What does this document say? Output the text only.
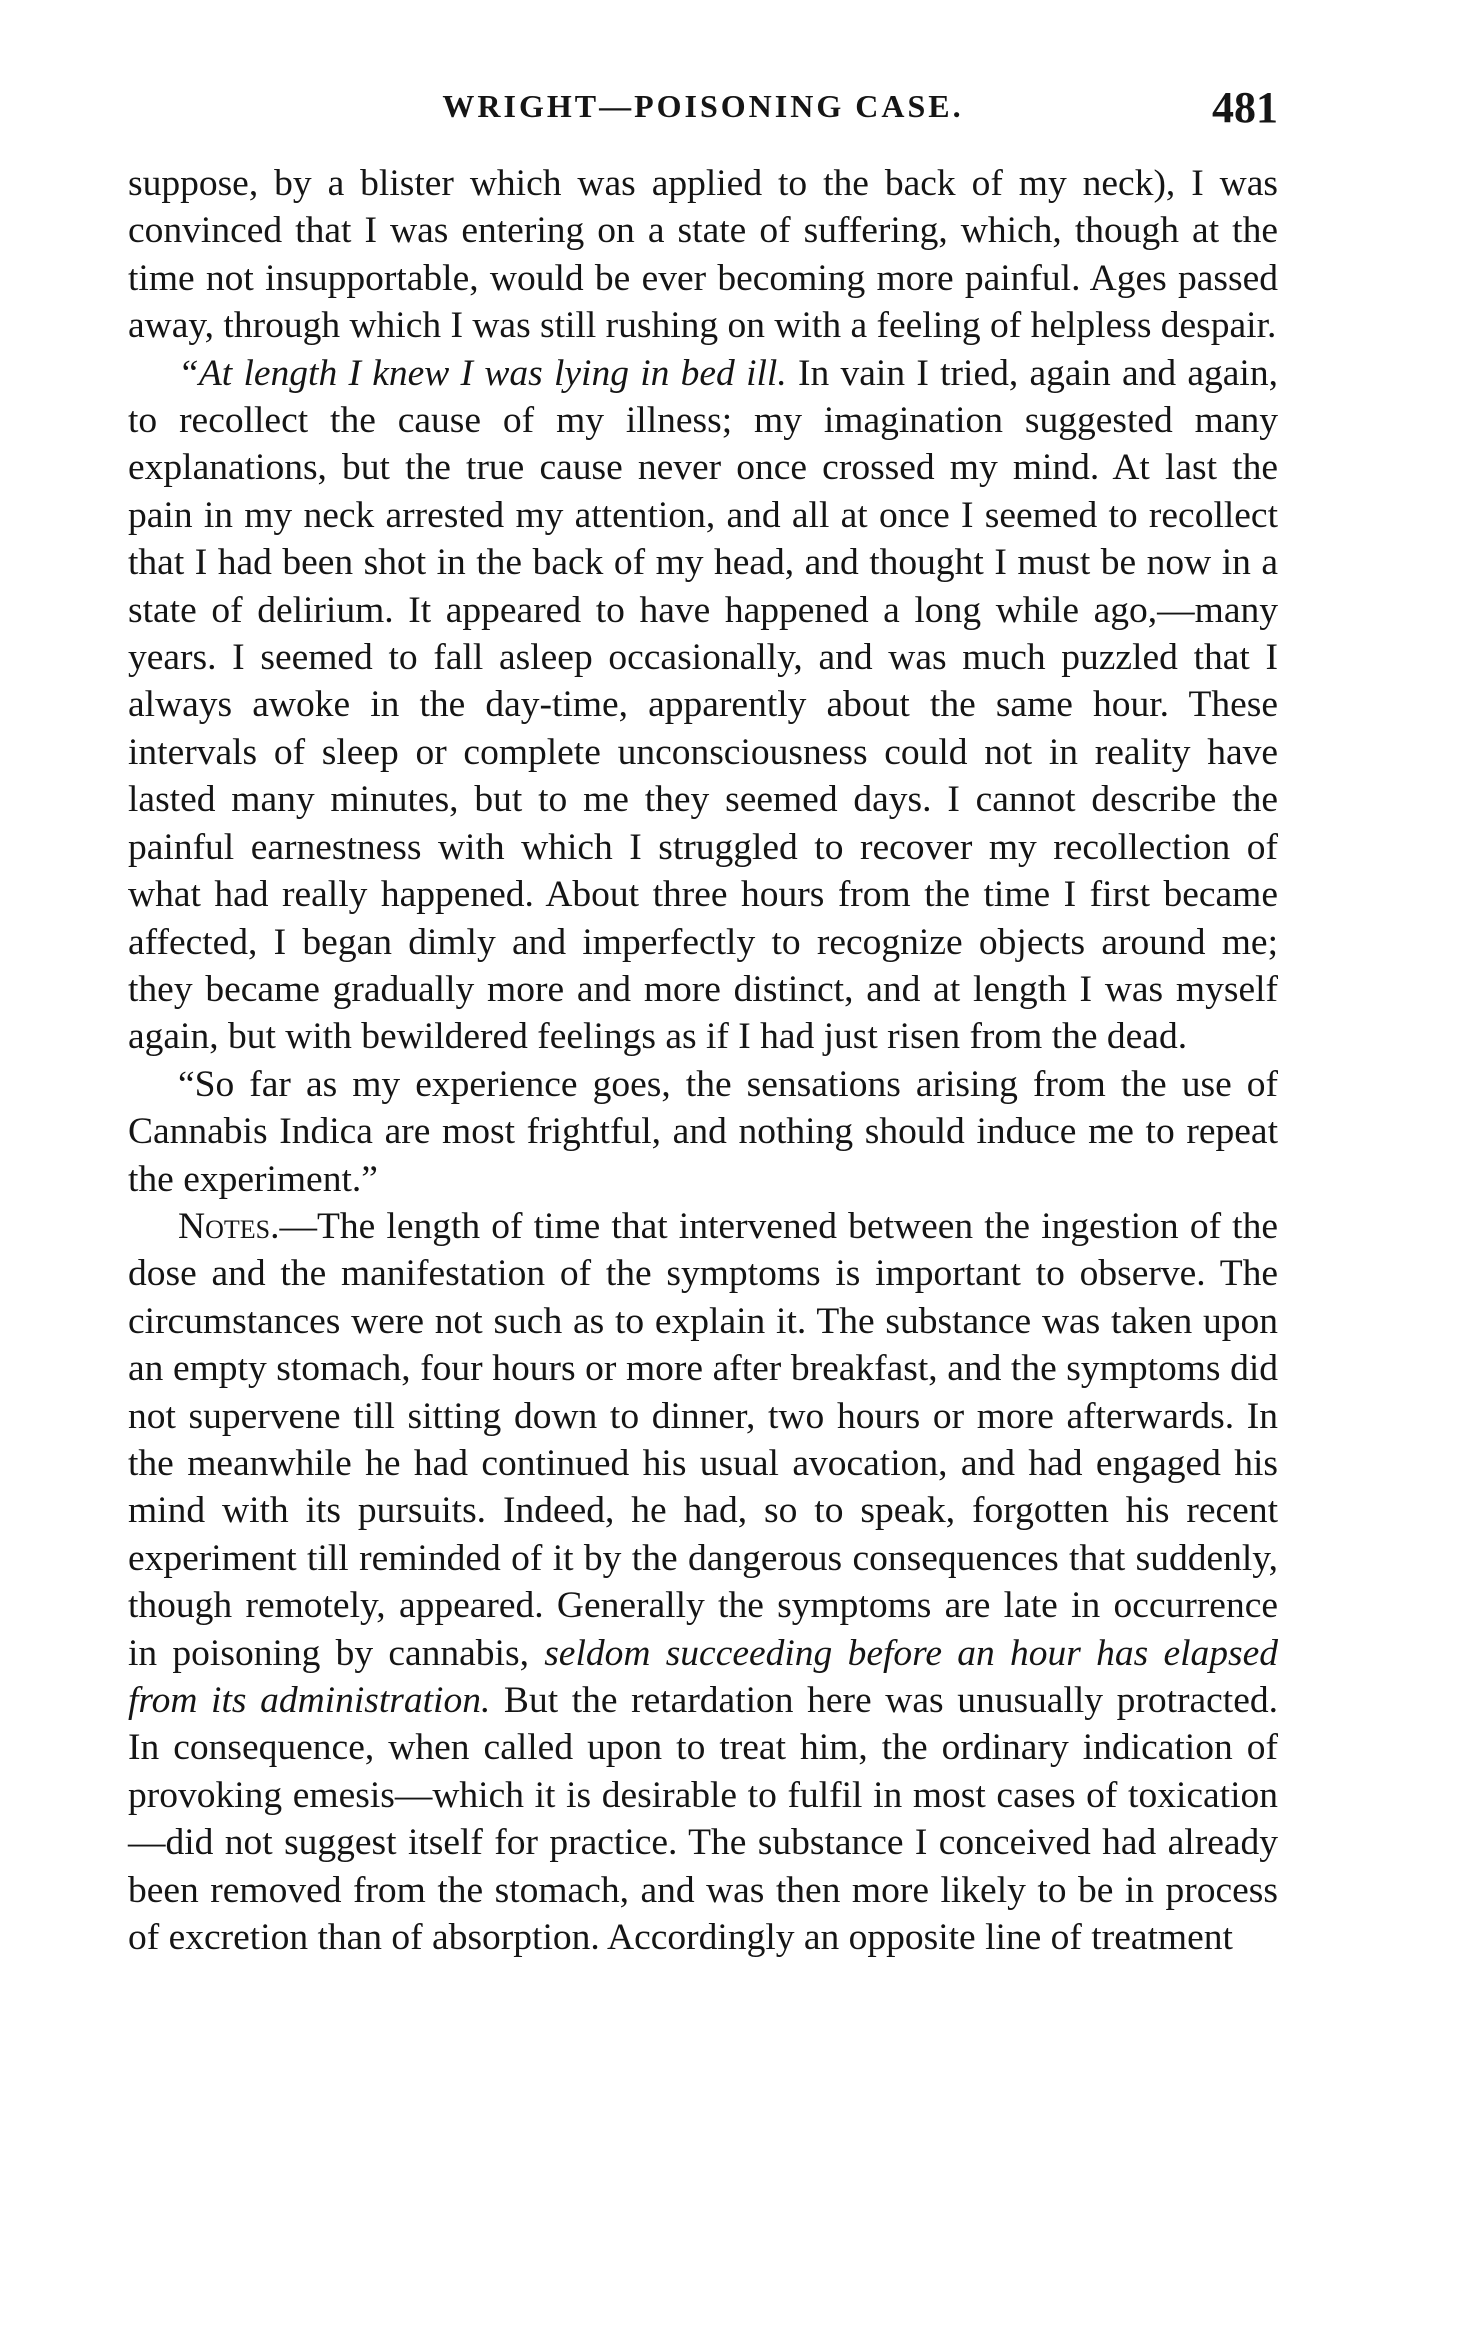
WRIGHT—POISONING CASE.	481

suppose, by a blister which was applied to the back of my neck), I was convinced that I was entering on a state of suffering, which, though at the time not insupportable, would be ever becoming more painful. Ages passed away, through which I was still rushing on with a feeling of helpless despair.

“At length I knew I was lying in bed ill. In vain I tried, again and again, to recollect the cause of my illness; my imagination suggested many explanations, but the true cause never once crossed my mind. At last the pain in my neck arrested my attention, and all at once I seemed to recollect that I had been shot in the back of my head, and thought I must be now in a state of delirium. It appeared to have happened a long while ago,—many years. I seemed to fall asleep occasionally, and was much puzzled that I always awoke in the day-time, apparently about the same hour. These intervals of sleep or complete unconsciousness could not in reality have lasted many minutes, but to me they seemed days. I cannot describe the painful earnestness with which I struggled to recover my recollection of what had really happened. About three hours from the time I first became affected, I began dimly and imperfectly to recognize objects around me; they became gradually more and more distinct, and at length I was myself again, but with bewildered feelings as if I had just risen from the dead.

“So far as my experience goes, the sensations arising from the use of Cannabis Indica are most frightful, and nothing should induce me to repeat the experiment.”

Notes.—The length of time that intervened between the ingestion of the dose and the manifestation of the symptoms is important to observe. The circumstances were not such as to explain it. The substance was taken upon an empty stomach, four hours or more after breakfast, and the symptoms did not supervene till sitting down to dinner, two hours or more afterwards. In the meanwhile he had continued his usual avocation, and had engaged his mind with its pursuits. Indeed, he had, so to speak, forgotten his recent experiment till reminded of it by the dangerous consequences that suddenly, though remotely, appeared. Generally the symptoms are late in occurrence in poisoning by cannabis, seldom succeeding before an hour has elapsed from its administration. But the retardation here was unusually protracted. In consequence, when called upon to treat him, the ordinary indication of provoking emesis—which it is desirable to fulfil in most cases of toxication—did not suggest itself for practice. The substance I conceived had already been removed from the stomach, and was then more likely to be in process of excretion than of absorption. Accordingly an opposite line of treatment
